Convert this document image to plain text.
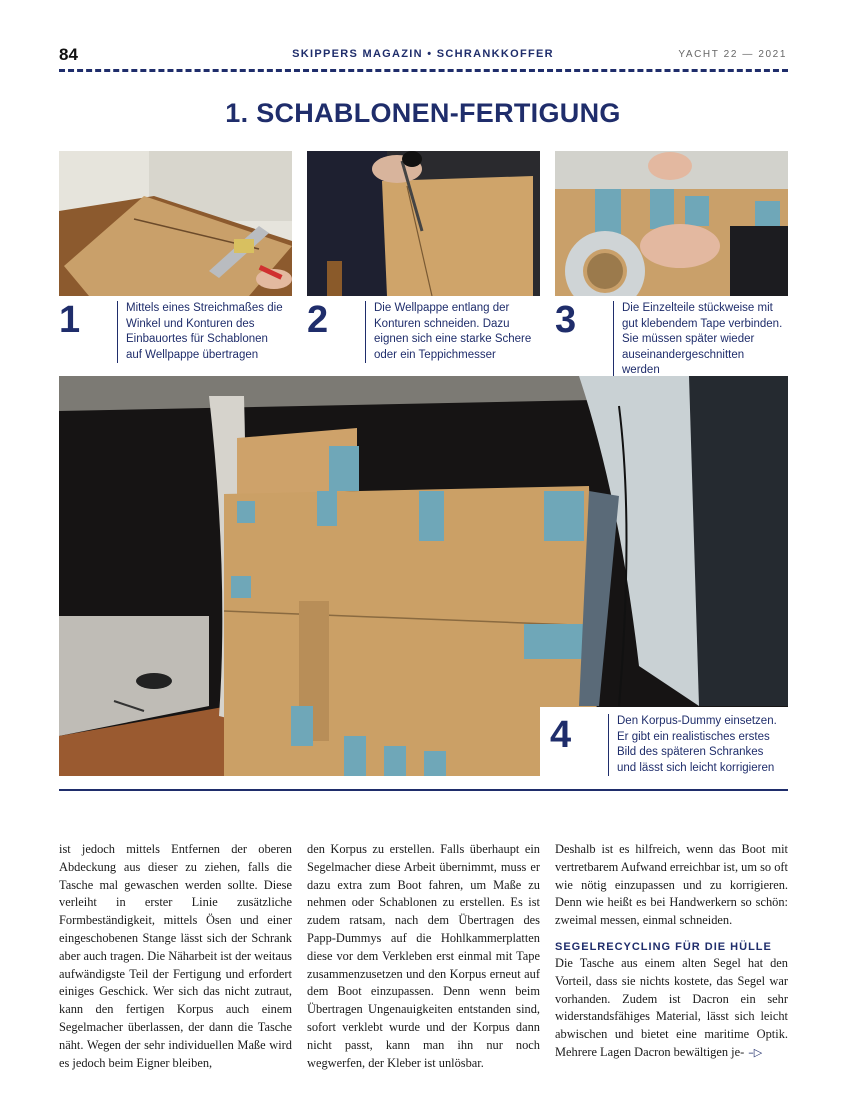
84	SKIPPERS MAGAZIN • SCHRANKKOFFER	YACHT 22 — 2021
1. SCHABLONEN-FERTIGUNG
1	Mittels eines Streichmaßes die Winkel und Konturen des Einbauortes für Schablonen auf Wellpappe übertragen
2	Die Wellpappe entlang der Konturen schneiden. Dazu eignen sich eine starke Schere oder ein Teppichmesser
3	Die Einzelteile stückweise mit gut klebendem Tape verbinden. Sie müssen später wieder auseinandergeschnitten werden
4	Den Korpus-Dummy einsetzen. Er gibt ein realistisches erstes Bild des späteren Schrankes und lässt sich leicht korrigieren

ist jedoch mittels Entfernen der oberen Abdeckung aus dieser zu ziehen, falls die Tasche mal gewaschen werden sollte. Diese verleiht in erster Linie zusätzliche Formbeständigkeit, mittels Ösen und einer eingeschobenen Stange lässt sich der Schrank aber auch tragen. Die Näharbeit ist der weitaus aufwändigste Teil der Fertigung und erfordert einiges Geschick. Wer sich das nicht zutraut, kann den fertigen Korpus auch einem Segelmacher überlassen, der dann die Tasche näht. Wegen der sehr individuellen Maße wird es jedoch beim Eigner bleiben,

den Korpus zu erstellen. Falls überhaupt ein Segelmacher diese Arbeit übernimmt, muss er dazu extra zum Boot fahren, um Maße zu nehmen oder Schablonen zu erstellen. Es ist zudem ratsam, nach dem Übertragen des Papp-Dummys auf die Hohlkammerplatten diese vor dem Verkleben erst einmal mit Tape zusammenzusetzen und den Korpus erneut auf dem Boot einzupassen. Denn wenn beim Übertragen Ungenauigkeiten entstanden sind, sofort verklebt wurde und der Korpus dann nicht passt, kann man ihn nur noch wegwerfen, der Kleber ist unlösbar.

Deshalb ist es hilfreich, wenn das Boot mit vertretbarem Aufwand erreichbar ist, um so oft wie nötig einzupassen und zu korrigieren. Denn wie heißt es bei Handwerkern so schön: zweimal messen, einmal schneiden.

SEGELRECYCLING FÜR DIE HÜLLE

Die Tasche aus einem alten Segel hat den Vorteil, dass sie nichts kostete, das Segel war vorhanden. Zudem ist Dacron ein sehr widerstandsfähiges Material, lässt sich leicht abwischen und bietet eine maritime Optik. Mehrere Lagen Dacron bewältigen je- –▷
